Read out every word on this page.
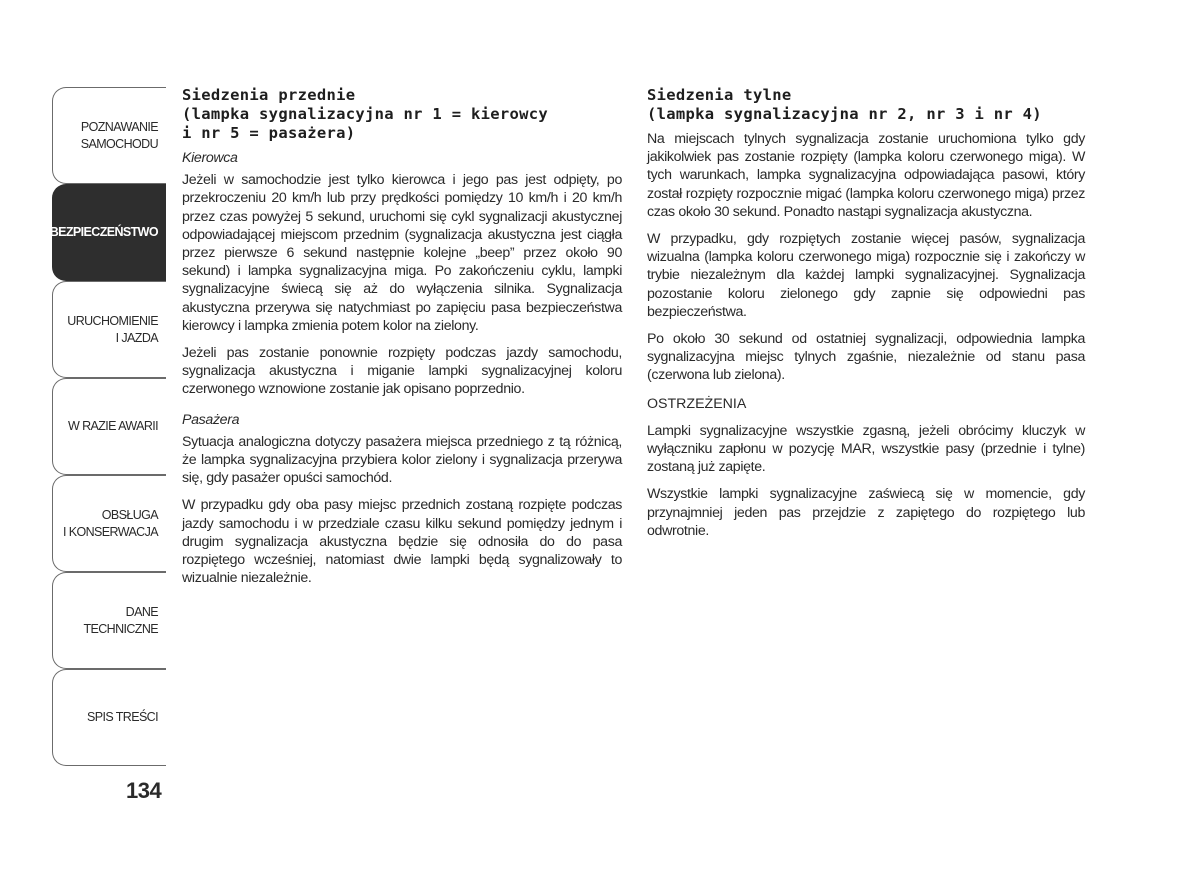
POZNAWANIE
SAMOCHODU
BEZPIECZEŃSTWO
URUCHOMIENIE
I JAZDA
W RAZIE AWARII
OBSŁUGA
I KONSERWACJA
DANE
TECHNICZNE
SPIS TREŚCI
134
Siedzenia przednie
(lampka sygnalizacyjna nr 1 = kierowcy
i nr 5 = pasażera)
Kierowca

Jeżeli w samochodzie jest tylko kierowca i jego pas jest odpięty, po przekroczeniu 20 km/h lub przy prędkości pomiędzy 10 km/h i 20 km/h przez czas powyżej 5 sekund, uruchomi się cykl sygnalizacji akustycznej odpowiadającej miejscom przednim (sygnalizacja akustyczna jest ciągła przez pierwsze 6 sekund następnie kolejne „beep” przez około 90 sekund) i lampka sygnalizacyjna miga. Po zakończeniu cyklu, lampki sygnalizacyjne świecą się aż do wyłączenia silnika. Sygnalizacja akustyczna przerywa się natychmiast po zapięciu pasa bezpieczeństwa kierowcy i lampka zmienia potem kolor na zielony.

Jeżeli pas zostanie ponownie rozpięty podczas jazdy samochodu, sygnalizacja akustyczna i miganie lampki sygnalizacyjnej koloru czerwonego wznowione zostanie jak opisano poprzednio.

Pasażera

Sytuacja analogiczna dotyczy pasażera miejsca przedniego z tą różnicą, że lampka sygnalizacyjna przybiera kolor zielony i sygnalizacja przerywa się, gdy pasażer opuści samochód.

W przypadku gdy oba pasy miejsc przednich zostaną rozpięte podczas jazdy samochodu i w przedziale czasu kilku sekund pomiędzy jednym i drugim sygnalizacja akustyczna będzie się odnosiła do do pasa rozpiętego wcześniej, natomiast dwie lampki będą sygnalizowały to wizualnie niezależnie.

Siedzenia tylne
(lampka sygnalizacyjna nr 2, nr 3 i nr 4)

Na miejscach tylnych sygnalizacja zostanie uruchomiona tylko gdy jakikolwiek pas zostanie rozpięty (lampka koloru czerwonego miga). W tych warunkach, lampka sygnalizacyjna odpowiadająca pasowi, który został rozpięty rozpocznie migać (lampka koloru czerwonego miga) przez czas około 30 sekund. Ponadto nastąpi sygnalizacja akustyczna.

W przypadku, gdy rozpiętych zostanie więcej pasów, sygnalizacja wizualna (lampka koloru czerwonego miga) rozpocznie się i zakończy w trybie niezależnym dla każdej lampki sygnalizacyjnej. Sygnalizacja pozostanie koloru zielonego gdy zapnie się odpowiedni pas bezpieczeństwa.

Po około 30 sekund od ostatniej sygnalizacji, odpowiednia lampka sygnalizacyjna miejsc tylnych zgaśnie, niezależnie od stanu pasa (czerwona lub zielona).

OSTRZEŻENIA

Lampki sygnalizacyjne wszystkie zgasną, jeżeli obrócimy kluczyk w wyłączniku zapłonu w pozycję MAR, wszystkie pasy (przednie i tylne) zostaną już zapięte.

Wszystkie lampki sygnalizacyjne zaświecą się w momencie, gdy przynajmniej jeden pas przejdzie z zapiętego do rozpiętego lub odwrotnie.
